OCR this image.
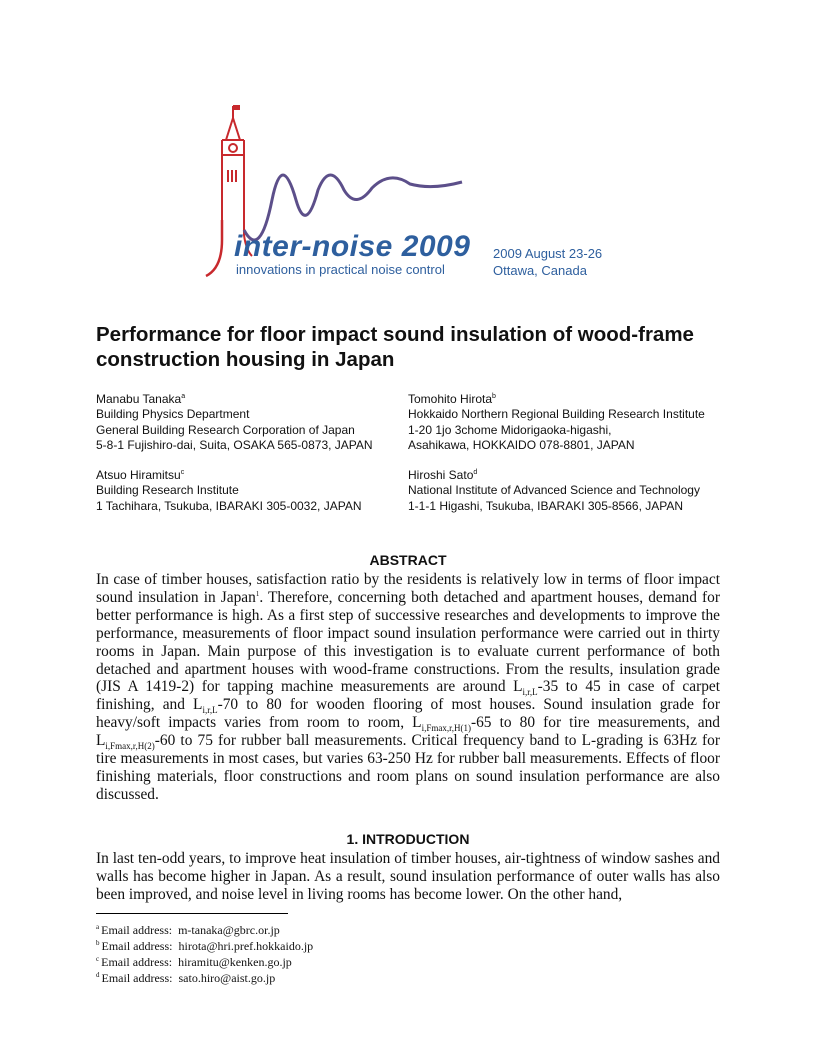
inter-noise 2009
innovations in practical noise control
2009 August 23-26
Ottawa, Canada
Performance for floor impact sound insulation of wood-frame construction housing in Japan
Manabu Tanaka$^a$
Building Physics Department
General Building Research Corporation of Japan
5-8-1 Fujishiro-dai, Suita, OSAKA 565-0873, JAPAN
Tomohito Hirota$^b$
Hokkaido Northern Regional Building Research Institute
1-20 1jo 3chome Midorigaoka-higashi,
Asahikawa, HOKKAIDO 078-8801, JAPAN
Atsuo Hiramitsu$^c$
Building Research Institute
1 Tachihara, Tsukuba, IBARAKI 305-0032, JAPAN
Hiroshi Sato$^d$
National Institute of Advanced Science and Technology
1-1-1 Higashi, Tsukuba, IBARAKI 305-8566, JAPAN
ABSTRACT

In case of timber houses, satisfaction ratio by the residents is relatively low in terms of floor impact sound insulation in Japan$^1$. Therefore, concerning both detached and apartment houses, demand for better performance is high. As a first step of successive researches and developments to improve the performance, measurements of floor impact sound insulation performance were carried out in thirty rooms in Japan. Main purpose of this investigation is to evaluate current performance of both detached and apartment houses with wood-frame constructions. From the results, insulation grade (JIS A 1419-2) for tapping machine measurements are around $L_{i,r,L}-35$ to 45 in case of carpet finishing, and $L_{i,r,L}-70$ to 80 for wooden flooring of most houses. Sound insulation grade for heavy/soft impacts varies from room to room, $L_{i,Fmax,r,H(1)}-65$ to 80 for tire measurements, and $L_{i,Fmax,r,H(2)}-60$ to 75 for rubber ball measurements. Critical frequency band to L-grading is 63Hz for tire measurements in most cases, but varies 63-250 Hz for rubber ball measurements. Effects of floor finishing materials, floor constructions and room plans on sound insulation performance are also discussed.

1. INTRODUCTION

In last ten-odd years, to improve heat insulation of timber houses, air-tightness of window sashes and walls has become higher in Japan. As a result, sound insulation performance of outer walls has also been improved, and noise level in living rooms has become lower. On the other hand,

$^a$ Email address: m-tanaka@gbrc.or.jp
$^b$ Email address: hirota@hri.pref.hokkaido.jp
$^c$ Email address: hiramitu@kenken.go.jp
$^d$ Email address: sato.hiro@aist.go.jp
